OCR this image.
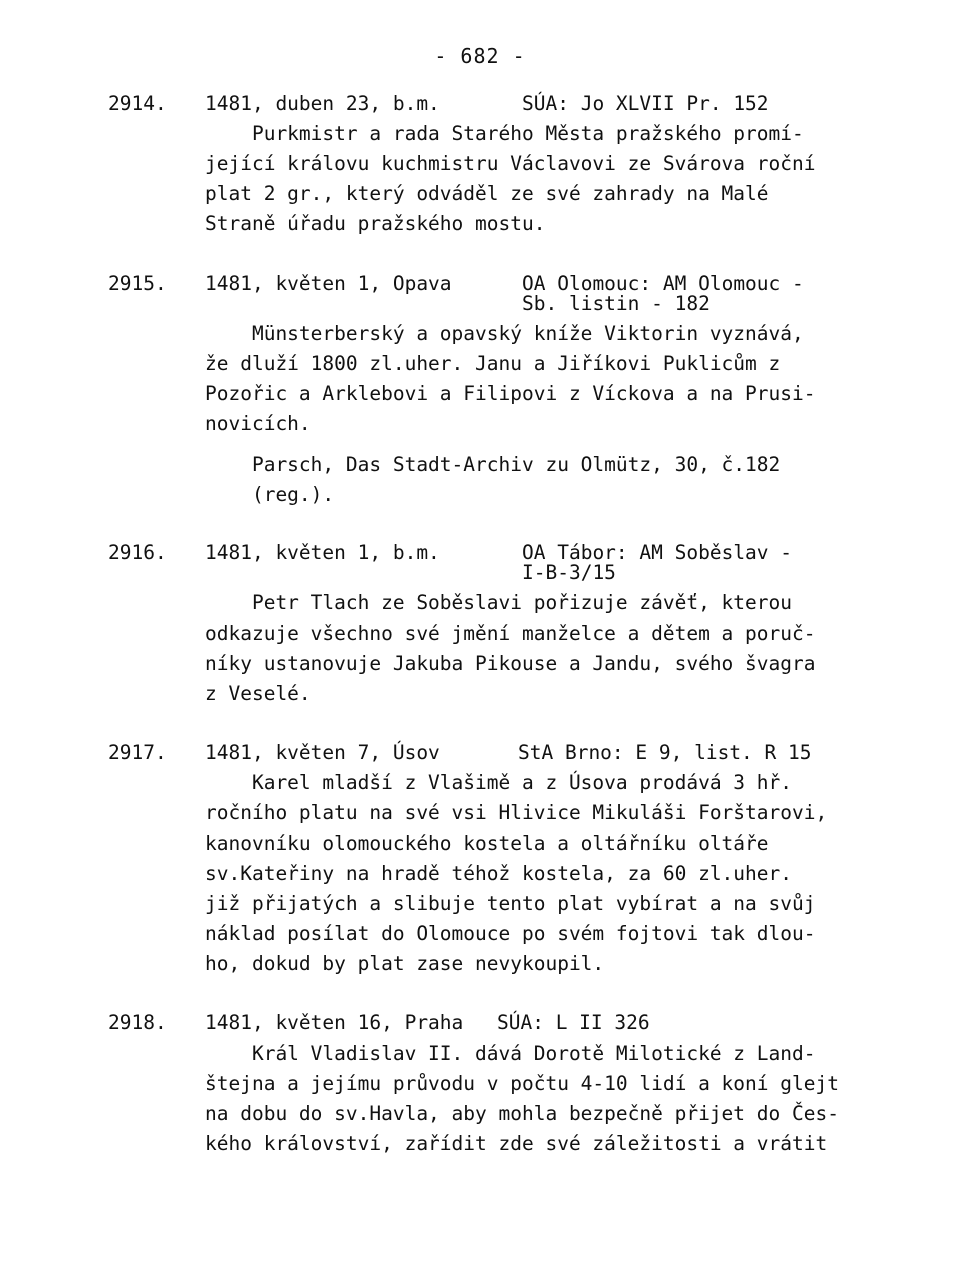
- 682 -
2914. 1481, duben 23, b.m.	SÚA: Jo XLVII Pr. 152
Purkmistr a rada Starého Města pražského promí-
jející královu kuchmistru Václavovi ze Svárova roční
plat 2 gr., který odváděl ze své zahrady na Malé
Straně úřadu pražského mostu.
2915. 1481, květen 1, Opava	OA Olomouc: AM Olomouc -
Sb. listin - 182
Münsterberský a opavský kníže Viktorin vyznává,
že dluží 1800 zl.uher. Janu a Jiříkovi Puklicům z
Pozořic a Arklebovi a Filipovi z Víckova a na Prusi-
novicích.
Parsch, Das Stadt-Archiv zu Olmütz, 30, č.182
(reg.).
2916. 1481, květen 1, b.m.	OA Tábor: AM Soběslav -
I-B-3/15
Petr Tlach ze Soběslavi pořizuje závěť, kterou
odkazuje všechno své jmění manželce a dětem a poruč-
níky ustanovuje Jakuba Pikouse a Jandu, svého švagra
z Veselé.
2917. 1481, květen 7, Úsov	StA Brno: E 9, list. R 15
Karel mladší z Vlašimě a z Úsova prodává 3 hř.
ročního platu na své vsi Hlivice Mikuláši Forštarovi,
kanovníku olomouckého kostela a oltářníku oltáře
sv.Kateřiny na hradě téhož kostela, za 60 zl.uher.
již přijatých a slibuje tento plat vybírat a na svůj
náklad posílat do Olomouce po svém fojtovi tak dlou-
ho, dokud by plat zase nevykoupil.
2918. 1481, květen 16, Praha SÚA: L II 326
Král Vladislav II. dává Dorotě Milotické z Land-
štejna a jejímu průvodu v počtu 4-10 lidí a koní glejt
na dobu do sv.Havla, aby mohla bezpečně přijet do Čes-
kého království, zařídit zde své záležitosti a vrátit
